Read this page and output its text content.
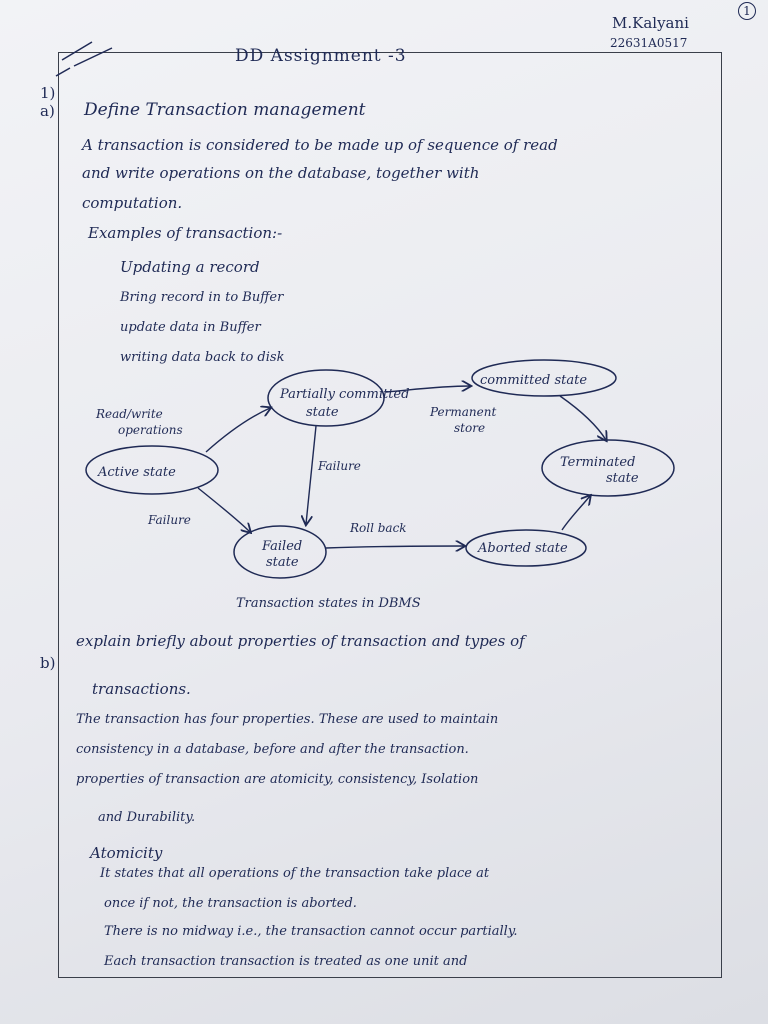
M.Kalyani
22631A0517
1
DD Assignment -3
1)
a) Define Transaction management
A transaction is considered to be made up of sequence of read
and write operations on the database, together with
computation.
Examples of transaction:-
Updating a record
Bring record in to Buffer
update data in Buffer
writing data back to disk
Active state
Partially committed
state
committed state
Terminated
state
Failed
state
Aborted state
Read/write
operations
Permanent
store
Failure
Failure
Roll back
Transaction states in DBMS
b)
explain briefly about properties of transaction and types of
transactions.
The transaction has four properties. These are used to maintain
consistency in a database, before and after the transaction.
properties of transaction are atomicity, consistency, Isolation
and Durability.
Atomicity
It states that all operations of the transaction take place at
once if not, the transaction is aborted.
There is no midway i.e., the transaction cannot occur partially.
Each transaction transaction is treated as one unit and
